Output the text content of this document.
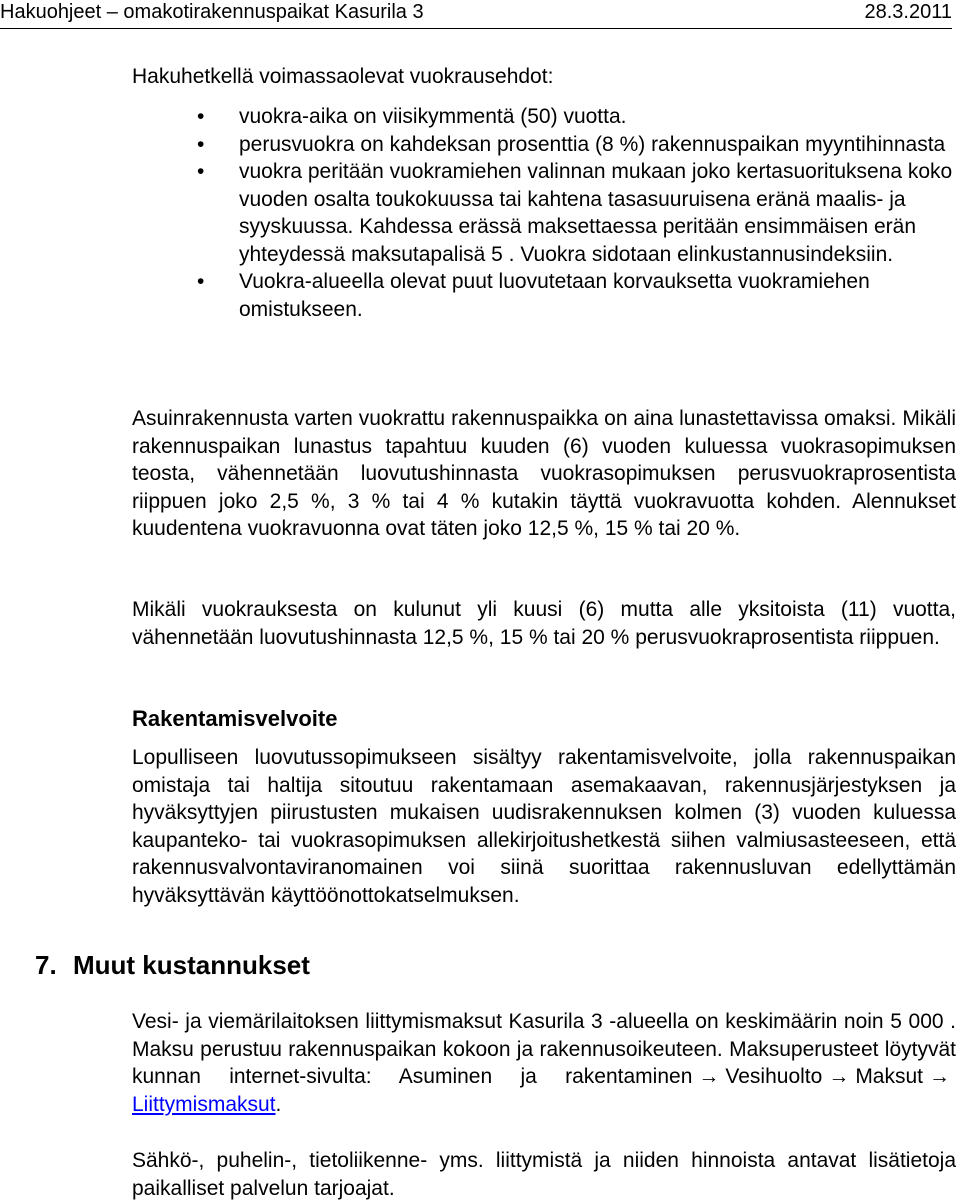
Hakuohjeet – omakotirakennuspaikat Kasurila 3	28.3.2011

Hakuhetkellä voimassaolevat vuokrausehdot:

• vuokra-aika on viisikymmentä (50) vuotta.
• perusvuokra on kahdeksan prosenttia (8 %) rakennuspaikan myyntihinnasta
• vuokra peritään vuokramiehen valinnan mukaan joko kertasuorituksena koko vuoden osalta toukokuussa tai kahtena tasasuuruisena eränä maalis- ja syyskuussa. Kahdessa erässä maksettaessa peritään ensimmäisen erän yhteydessä maksutapalisä 5 . Vuokra sidotaan elinkustannusindeksiin.
• Vuokra-alueella olevat puut luovutetaan korvauksetta vuokramiehen omistukseen.

Asuinrakennusta varten vuokrattu rakennuspaikka on aina lunastettavissa omaksi. Mikäli rakennuspaikan lunastus tapahtuu kuuden (6) vuoden kuluessa vuokrasopimuksen teosta, vähennetään luovutushinnasta vuokrasopimuksen perusvuokraprosentista riippuen joko 2,5 %, 3 % tai 4 % kutakin täyttä vuokravuotta kohden. Alennukset kuudentena vuokravuonna ovat täten joko 12,5 %, 15 % tai 20 %.

Mikäli vuokrauksesta on kulunut yli kuusi (6) mutta alle yksitoista (11) vuotta, vähennetään luovutushinnasta 12,5 %, 15 % tai 20 % perusvuokraprosentista riippuen.

Rakentamisvelvoite

Lopulliseen luovutussopimukseen sisältyy rakentamisvelvoite, jolla rakennuspaikan omistaja tai haltija sitoutuu rakentamaan asemakaavan, rakennusjärjestyksen ja hyväksyttyjen piirustusten mukaisen uudisrakennuksen kolmen (3) vuoden kuluessa kaupanteko- tai vuokrasopimuksen allekirjoitushetkestä siihen valmiusasteeseen, että rakennusvalvontaviranomainen voi siinä suorittaa rakennusluvan edellyttämän hyväksyttävän käyttöönottokatselmuksen.

7. Muut kustannukset

Vesi- ja viemärilaitoksen liittymismaksut Kasurila 3 -alueella on keskimäärin noin 5 000 . Maksu perustuu rakennuspaikan kokoon ja rakennusoikeuteen. Maksuperusteet löytyvät kunnan internet-sivulta: Asuminen ja rakentaminen → Vesihuolto → Maksut →Liittymismaksut.

Sähkö-, puhelin-, tietoliikenne- yms. liittymistä ja niiden hinnoista antavat lisätietoja paikalliset palvelun tarjoajat.
